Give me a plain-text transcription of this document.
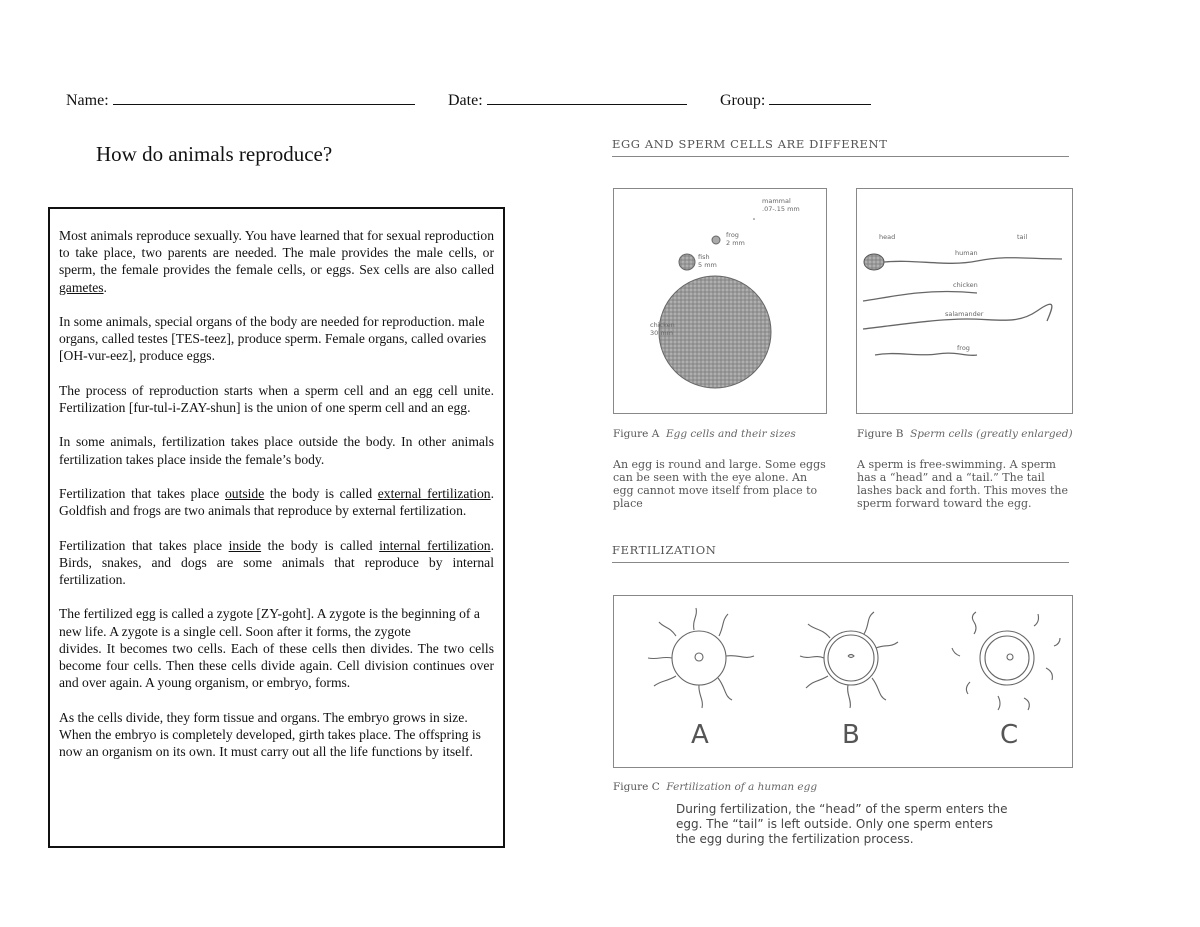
Name:	Date:	Group:
How do animals reproduce?

Most animals reproduce sexually. You have learned that for sexual reproduction to take place, two parents are needed. The male provides the male cells, or sperm, the female provides the female cells, or eggs. Sex cells are also called gametes.

In some animals, special organs of the body are needed for reproduction. male organs, called testes [TES-teez], produce sperm. Female organs, called ovaries [OH-vur-eez], produce eggs.

The process of reproduction starts when a sperm cell and an egg cell unite. Fertilization [fur-tul-i-ZAY-shun] is the union of one sperm cell and an egg.

In some animals, fertilization takes place outside the body. In other animals fertilization takes place inside the female’s body.

Fertilization that takes place outside the body is called external fertilization. Goldfish and frogs are two animals that reproduce by external fertilization.

Fertilization that takes place inside the body is called internal fertilization. Birds, snakes, and dogs are some animals that reproduce by internal fertilization.

The fertilized egg is called a zygote [ZY-goht]. A zygote is the beginning of a new life. A zygote is a single cell. Soon after it forms, the zygote
divides. It becomes two cells. Each of these cells then divides. The two cells become four cells. Then these cells divide again. Cell division continues over and over again. A young organism, or embryo, forms.

As the cells divide, they form tissue and organs. The embryo grows in size. When the embryo is completely developed, girth takes place. The offspring is now an organism on its own. It must carry out all the life functions by itself.

EGG AND SPERM CELLS ARE DIFFERENT
mammal
.07-.15 mm
frog
2 mm
fish
5 mm
chicken
30 mm
head	tail
human
chicken
salamander
frog
Figure A Egg cells and their sizes	Figure B Sperm cells (greatly enlarged)
An egg is round and large. Some eggs can be seen with the eye alone. An egg cannot move itself from place to place
A sperm is free-swimming. A sperm has a “head” and a “tail.” The tail lashes back and forth. This moves the sperm forward toward the egg.
FERTILIZATION
A	B	C
Figure C Fertilization of a human egg
During fertilization, the “head” of the sperm enters the egg. The “tail” is left outside. Only one sperm enters the egg during the fertilization process.
